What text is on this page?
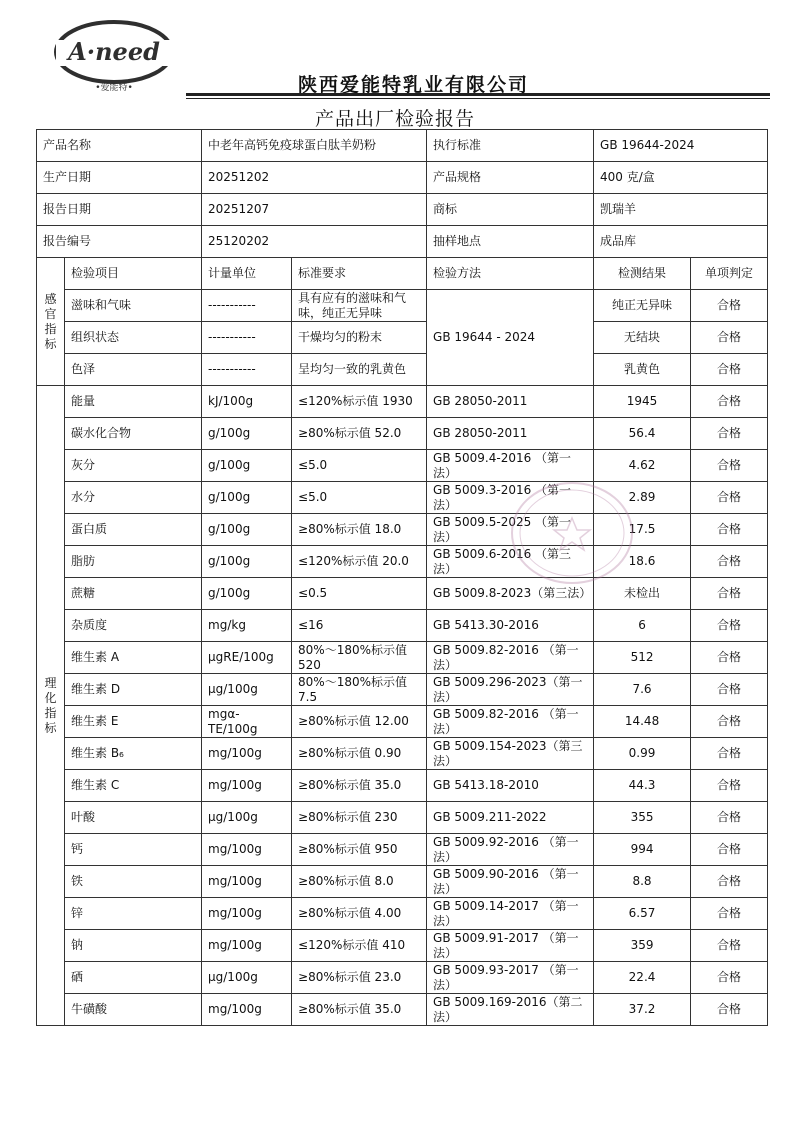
A·need
•爱能特•	陕西爱能特乳业有限公司
产品出厂检验报告
产品名称		中老年高钙免疫球蛋白肽羊奶粉		执行标准	GB 19644-2024	
生产日期		20251202		产品规格	400 克/盒	
报告日期		20251207		商标	凯瑞羊	
报告编号		25120202		抽样地点	成品库	
感
官
指
标	检验项目	计量单位	标准要求	检验方法	检测结果	单项判定
	滋味和气味	-----------	具有应有的滋味和气味，纯正无异味	GB 19644 - 2024	纯正无异味	合格
	组织状态	-----------	干燥均匀的粉末		无结块	合格
	色泽	-----------	呈均匀一致的乳黄色		乳黄色	合格
理
化
指
标	能量	kJ/100g	≤120%标示值 1930	GB 28050-2011	1945	合格
	碳水化合物	g/100g	≥80%标示值 52.0	GB 28050-2011	56.4	合格
	灰分	g/100g	≤5.0	GB 5009.4-2016 （第一法）	4.62	合格
	水分	g/100g	≤5.0	GB 5009.3-2016 （第一法）	2.89	合格
	蛋白质	g/100g	≥80%标示值 18.0	GB 5009.5-2025 （第一法）	17.5	合格
	脂肪	g/100g	≤120%标示值 20.0	GB 5009.6-2016 （第三法）	18.6	合格
	蔗糖	g/100g	≤0.5	GB 5009.8-2023（第三法）	未检出	合格
	杂质度	mg/kg	≤16	GB 5413.30-2016	6	合格
	维生素 A	μgRE/100g	80%～180%标示值 520	GB 5009.82-2016 （第一法）	512	合格
	维生素 D	μg/100g	80%～180%标示值 7.5	GB 5009.296-2023（第一法）	7.6	合格
	维生素 E	mgα-TE/100g	≥80%标示值 12.00	GB 5009.82-2016 （第一法）	14.48	合格
	维生素 B₆	mg/100g	≥80%标示值 0.90	GB 5009.154-2023（第三法）	0.99	合格
	维生素 C	mg/100g	≥80%标示值 35.0	GB 5413.18-2010	44.3	合格
	叶酸	μg/100g	≥80%标示值 230	GB 5009.211-2022	355	合格
	钙	mg/100g	≥80%标示值 950	GB 5009.92-2016 （第一法）	994	合格
	铁	mg/100g	≥80%标示值 8.0	GB 5009.90-2016 （第一法）	8.8	合格
	锌	mg/100g	≥80%标示值 4.00	GB 5009.14-2017 （第一法）	6.57	合格
	钠	mg/100g	≤120%标示值 410	GB 5009.91-2017 （第一法）	359	合格
	硒	μg/100g	≥80%标示值 23.0	GB 5009.93-2017 （第一法）	22.4	合格
	牛磺酸	mg/100g	≥80%标示值 35.0	GB 5009.169-2016（第二法）	37.2	合格
